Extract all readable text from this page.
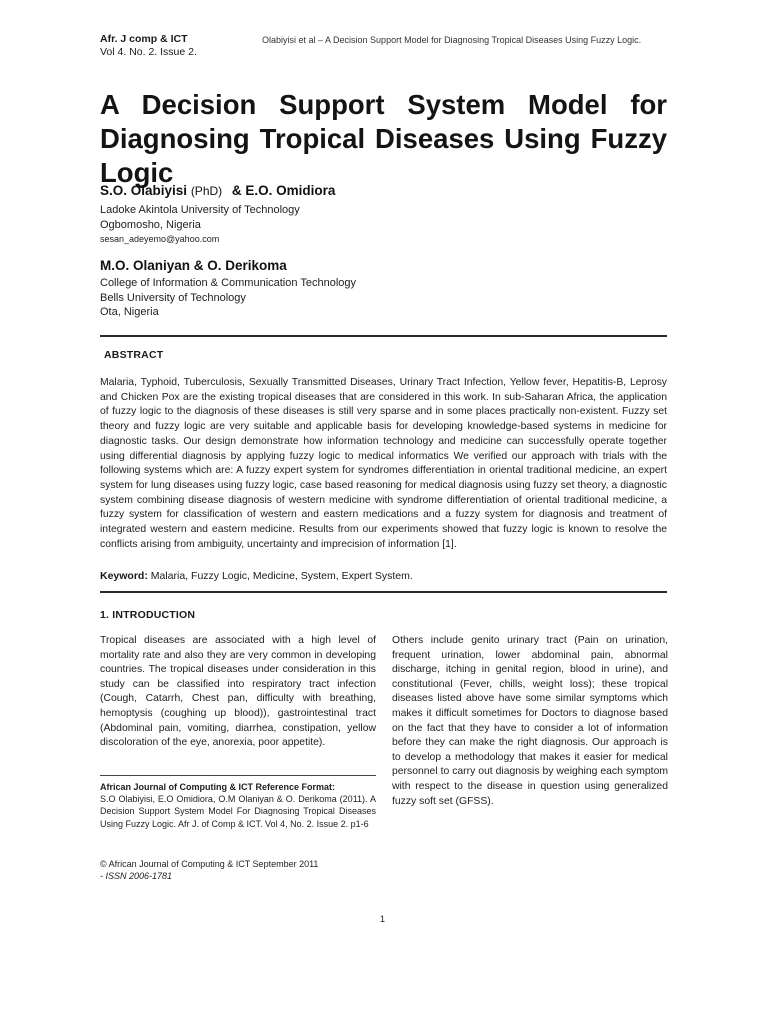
Afr. J comp & ICT
Vol 4. No. 2. Issue 2.
Olabiyisi et al – A Decision Support Model for Diagnosing Tropical Diseases Using Fuzzy Logic.
A Decision Support System Model for
Diagnosing Tropical Diseases Using Fuzzy Logic
S.O. Olabiyisi (PhD) & E.O. Omidiora
Ladoke Akintola University of Technology
Ogbomosho, Nigeria
sesan_adeyemo@yahoo.com
M.O. Olaniyan & O. Derikoma
College of Information & Communication Technology
Bells University of Technology
Ota, Nigeria
ABSTRACT
Malaria, Typhoid, Tuberculosis, Sexually Transmitted Diseases, Urinary Tract Infection, Yellow fever, Hepatitis-B, Leprosy and Chicken Pox are the existing tropical diseases that are considered in this work. In sub-Saharan Africa, the application of fuzzy logic to the diagnosis of these diseases is still very sparse and in some places practically non-existent. Fuzzy set theory and fuzzy logic are very suitable and applicable basis for developing knowledge-based systems in medicine for diagnostic tasks. Our design demonstrate how information technology and medicine can successfully operate together using differential diagnosis by applying fuzzy logic to medical informatics We verified our approach with trials with the following systems which are: A fuzzy expert system for syndromes differentiation in oriental traditional medicine, an expert system for lung diseases using fuzzy logic, case based reasoning for medical diagnosis using fuzzy set theory, a diagnostic system combining disease diagnosis of western medicine with syndrome differentiation of oriental traditional medicine, a fuzzy system for classification of western and eastern medications and a fuzzy system for diagnosis and treatment of integrated western and eastern medicine. Results from our experiments showed that fuzzy logic is known to resolve the conflicts arising from ambiguity, uncertainty and imprecision of information [1].
Keyword: Malaria, Fuzzy Logic, Medicine, System, Expert System.
1. INTRODUCTION
Tropical diseases are associated with a high level of mortality rate and also they are very common in developing countries. The tropical diseases under consideration in this study can be classified into respiratory tract infection (Cough, Catarrh, Chest pan, difficulty with breathing, hemoptysis (coughing up blood)), gastrointestinal tract (Abdominal pain, vomiting, diarrhea, constipation, yellow discoloration of the eye, anorexia, poor appetite).
Others include genito urinary tract (Pain on urination, frequent urination, lower abdominal pain, abnormal discharge, itching in genital region, blood in urine), and constitutional (Fever, chills, weight loss); these tropical diseases listed above have some similar symptoms which makes it difficult sometimes for Doctors to diagnose based on the fact that they have to consider a lot of information before they can make the right diagnosis. Our approach is to develop a methodology that makes it easier for medical personnel to carry out diagnosis by weighing each symptom with respect to the disease in question using generalized fuzzy soft set (GFSS).
African Journal of Computing & ICT Reference Format:
S.O Olabiyisi, E.O Omidiora, O.M Olaniyan & O. Derikoma (2011). A Decision Support System Model For Diagnosing Tropical Diseases Using Fuzzy Logic. Afr J. of Comp & ICT. Vol 4, No. 2. Issue 2. p1-6
© African Journal of Computing & ICT September 2011
- ISSN 2006-1781
1
